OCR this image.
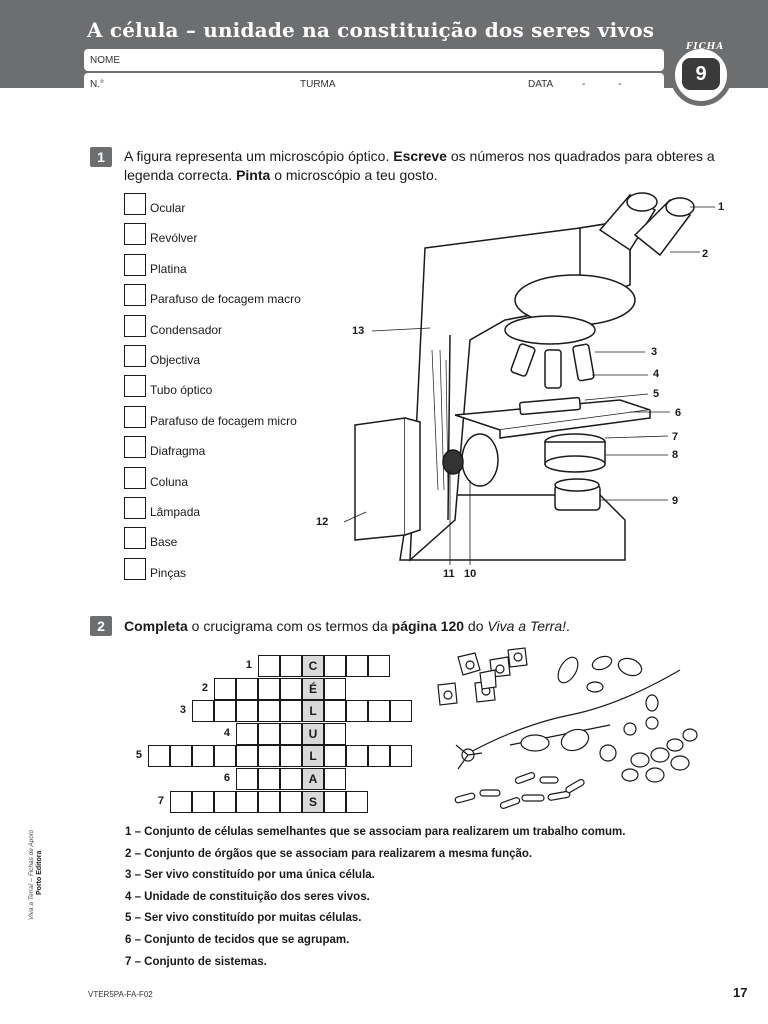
A célula – unidade na constituição dos seres vivos
NOME
N.°	TURMA	DATA	-	-
FICHA
9
1	A figura representa um microscópio óptico. Escreve os números nos quadrados para obteres a legenda correcta. Pinta o microscópio a teu gosto.
Ocular
Revólver
Platina
Parafuso de focagem macro
Condensador
Objectiva
Tubo óptico
Parafuso de focagem micro
Diafragma
Coluna
Lâmpada
Base
Pinças
1
2
3
4
5
6
7
8
9
10
11
12
13
2	Completa o crucigrama com os termos da página 120 do Viva a Terra!.
1	C
2	É
3	L
4	U
5	L
6	A
7	S
1 – Conjunto de células semelhantes que se associam para realizarem um trabalho comum.
2 – Conjunto de órgãos que se associam para realizarem a mesma função.
3 – Ser vivo constituído por uma única célula.
4 – Unidade de constituição dos seres vivos.
5 – Ser vivo constituído por muitas células.
6 – Conjunto de tecidos que se agrupam.
7 – Conjunto de sistemas.
Viva a Terra! – Fichas de Apoio Porto Editora
VTER5PA-FA-F02	17
